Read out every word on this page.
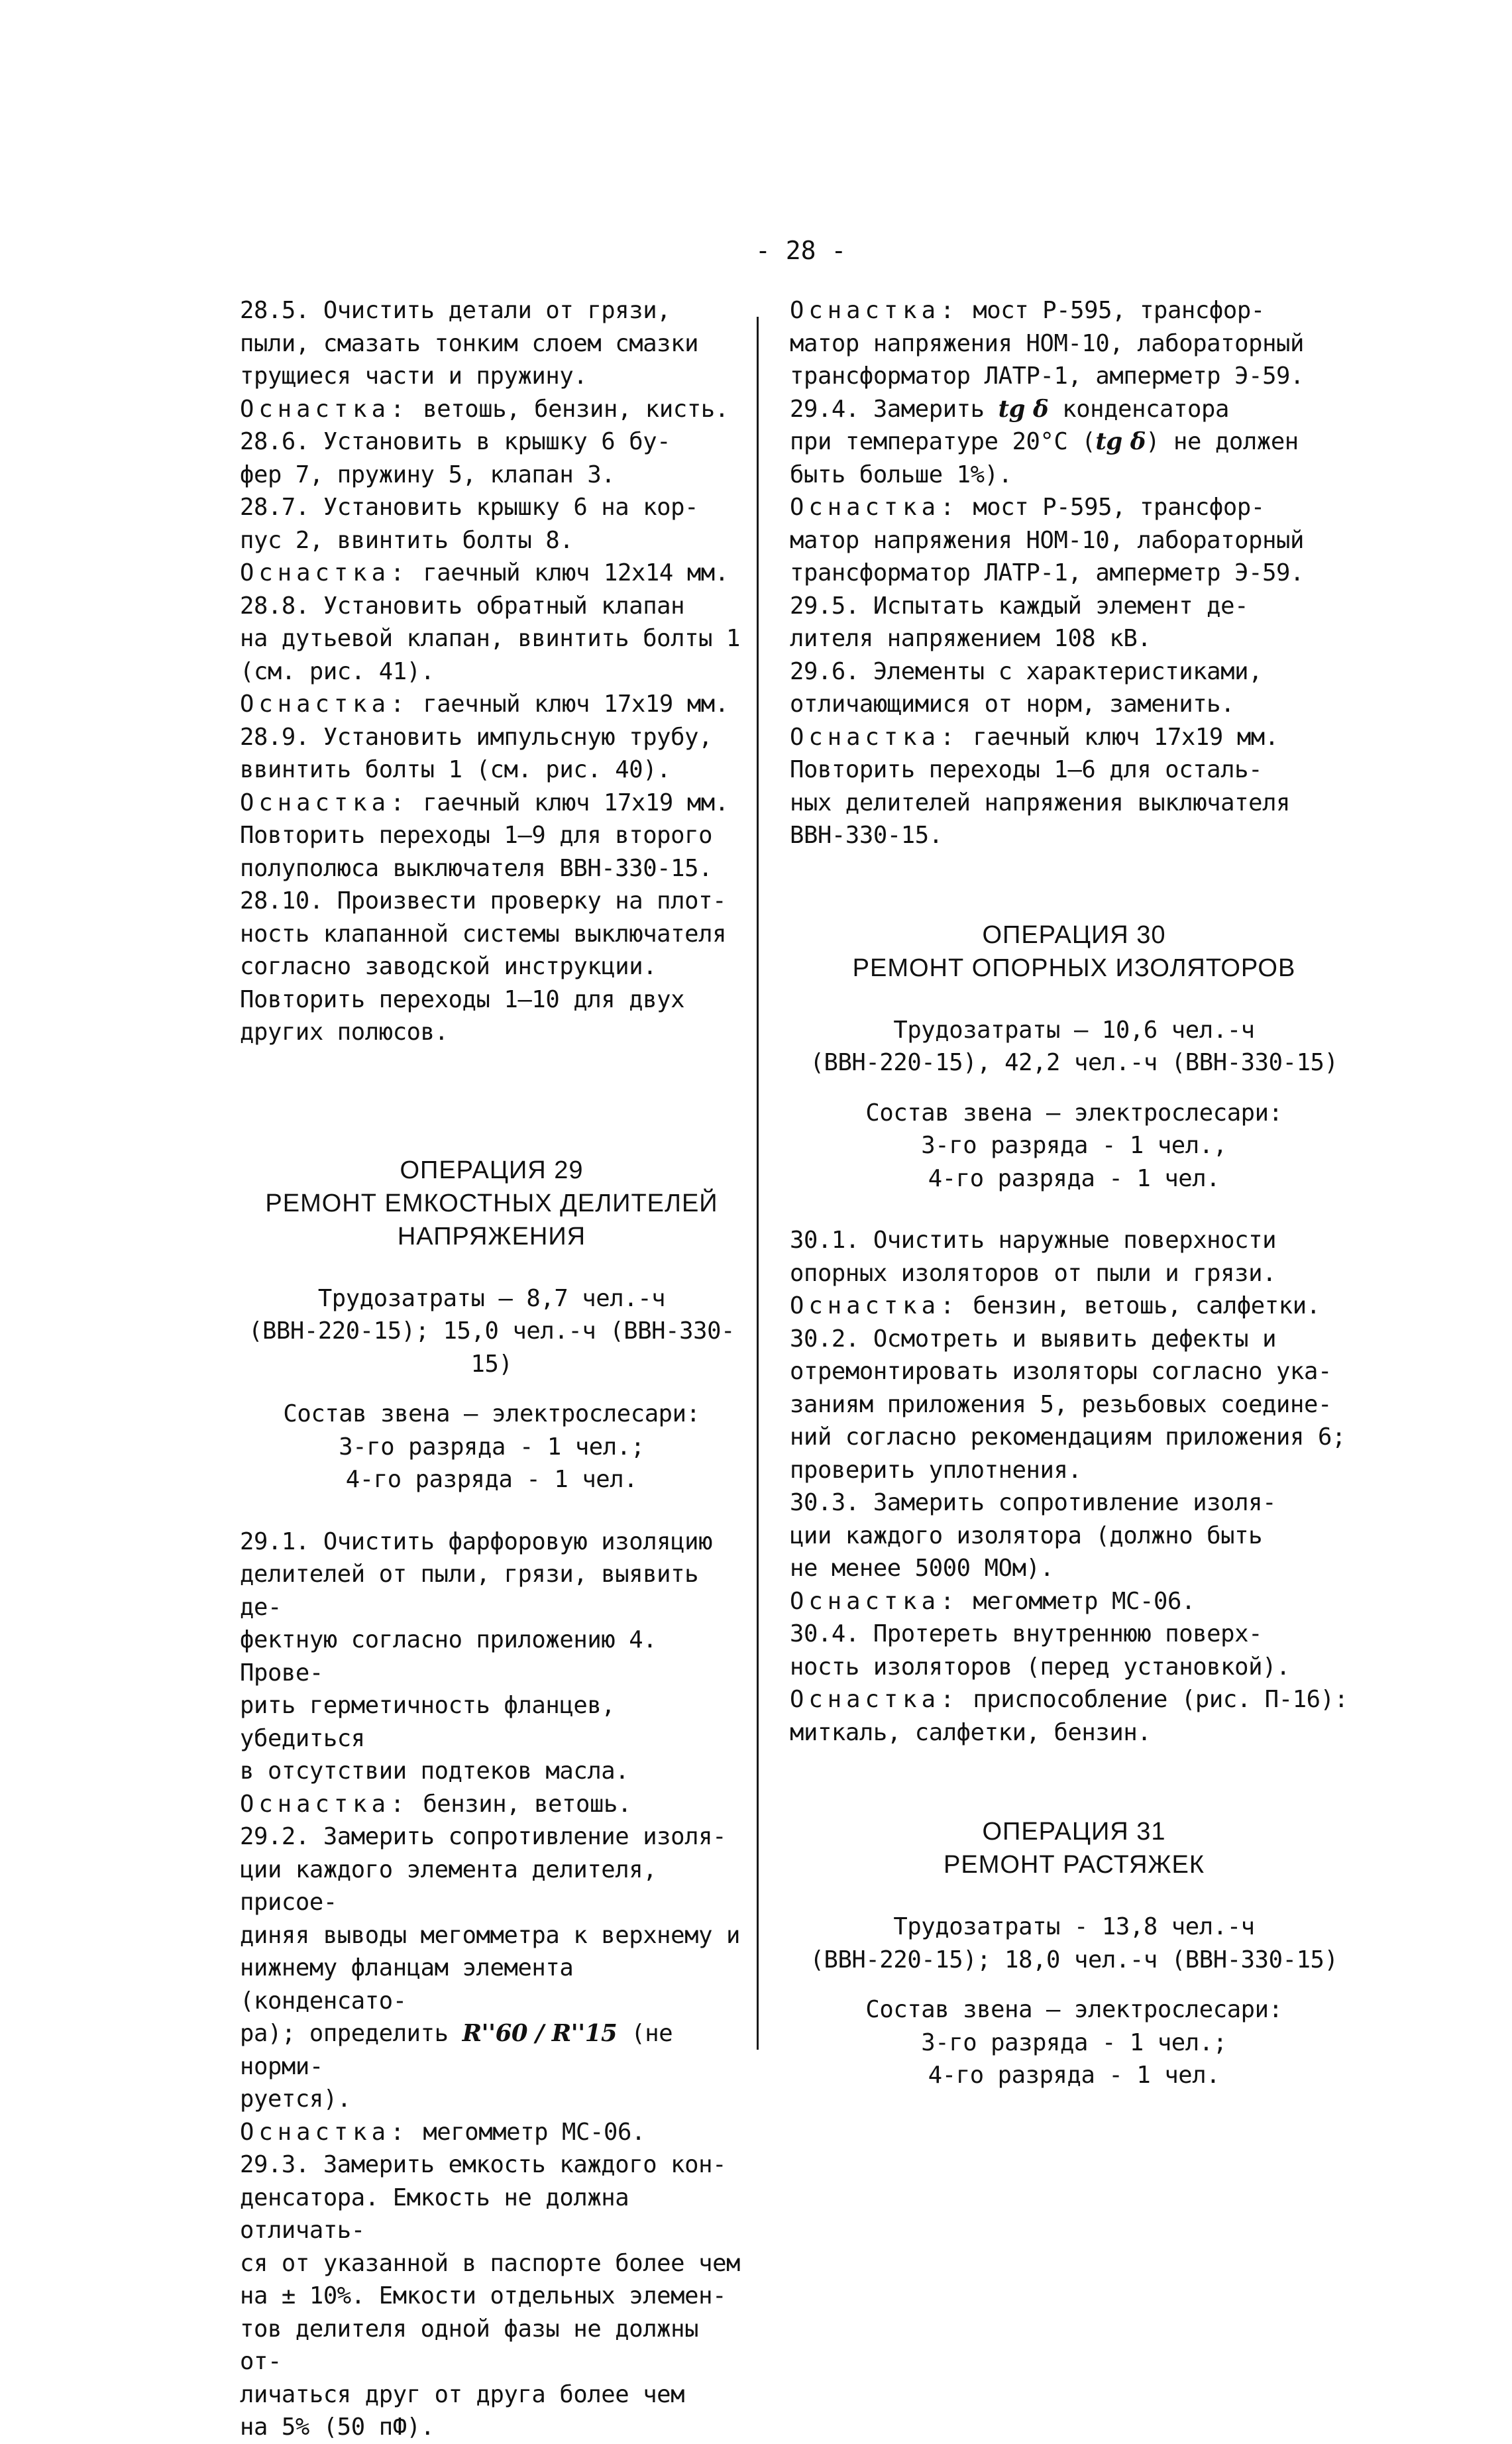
- 28 -
28.5. Очистить детали от грязи,
пыли, смазать тонким слоем смазки
трущиеся части и пружину.
Оснастка: ветошь, бензин, кисть.
28.6. Установить в крышку 6 бу-
фер 7, пружину 5, клапан 3.
28.7. Установить крышку 6 на кор-
пус 2, ввинтить болты 8.
Оснастка: гаечный ключ 12х14 мм.
28.8. Установить обратный клапан
на дутьевой клапан, ввинтить болты 1
(см. рис. 41).
Оснастка: гаечный ключ 17х19 мм.
28.9. Установить импульсную трубу,
ввинтить болты 1 (см. рис. 40).
Оснастка: гаечный ключ 17х19 мм.
Повторить переходы 1–9 для второго
полуполюса выключателя ВВН-330-15.
28.10. Произвести проверку на плот-
ность клапанной системы выключателя
согласно заводской инструкции.
Повторить переходы 1–10 для двух
других полюсов.
ОПЕРАЦИЯ 29
РЕМОНТ ЕМКОСТНЫХ ДЕЛИТЕЛЕЙ
НАПРЯЖЕНИЯ
Трудозатраты — 8,7 чел.-ч
(ВВН-220-15); 15,0 чел.-ч (ВВН-330-15)
Состав звена — электрослесари:
3-го разряда - 1 чел.;
4-го разряда - 1 чел.
29.1. Очистить фарфоровую изоляцию
делителей от пыли, грязи, выявить де-
фектную согласно приложению 4. Прове-
рить герметичность фланцев, убедиться
в отсутствии подтеков масла.
Оснастка: бензин, ветошь.
29.2. Замерить сопротивление изоля-
ции каждого элемента делителя, присое-
диняя выводы мегомметра к верхнему и
нижнему фланцам элемента (конденсато-
ра); определить R''60 / R''15 (не норми-
руется).
Оснастка: мегомметр МС-06.
29.3. Замерить емкость каждого кон-
денсатора. Емкость не должна отличать-
ся от указанной в паспорте более чем
на ± 10%. Емкости отдельных элемен-
тов делителя одной фазы не должны от-
личаться друг от друга более чем
на 5% (50 пФ).
Оснастка: мост Р-595, трансфор-
матор напряжения НОМ-10, лабораторный
трансформатор ЛАТР-1, амперметр Э-59.
29.4. Замерить tg δ конденсатора
при температуре 20°С (tg δ) не должен
быть больше 1%).
Оснастка: мост Р-595, трансфор-
матор напряжения НОМ-10, лабораторный
трансформатор ЛАТР-1, амперметр Э-59.
29.5. Испытать каждый элемент де-
лителя напряжением 108 кВ.
29.6. Элементы с характеристиками,
отличающимися от норм, заменить.
Оснастка: гаечный ключ 17х19 мм.
Повторить переходы 1–6 для осталь-
ных делителей напряжения выключателя
ВВН-330-15.
ОПЕРАЦИЯ 30
РЕМОНТ ОПОРНЫХ ИЗОЛЯТОРОВ
Трудозатраты — 10,6 чел.-ч
(ВВН-220-15), 42,2 чел.-ч (ВВН-330-15)
Состав звена — электрослесари:
3-го разряда - 1 чел.,
4-го разряда - 1 чел.
30.1. Очистить наружные поверхности
опорных изоляторов от пыли и грязи.
Оснастка: бензин, ветошь, салфетки.
30.2. Осмотреть и выявить дефекты и
отремонтировать изоляторы согласно ука-
заниям приложения 5, резьбовых соедине-
ний согласно рекомендациям приложения 6;
проверить уплотнения.
30.3. Замерить сопротивление изоля-
ции каждого изолятора (должно быть
не менее 5000 МОм).
Оснастка: мегомметр МС-06.
30.4. Протереть внутреннюю поверх-
ность изоляторов (перед установкой).
Оснастка: приспособление (рис. П-16):
миткаль, салфетки, бензин.
ОПЕРАЦИЯ 31
РЕМОНТ РАСТЯЖЕК
Трудозатраты - 13,8 чел.-ч
(ВВН-220-15); 18,0 чел.-ч (ВВН-330-15)
Состав звена — электрослесари:
3-го разряда - 1 чел.;
4-го разряда - 1 чел.
